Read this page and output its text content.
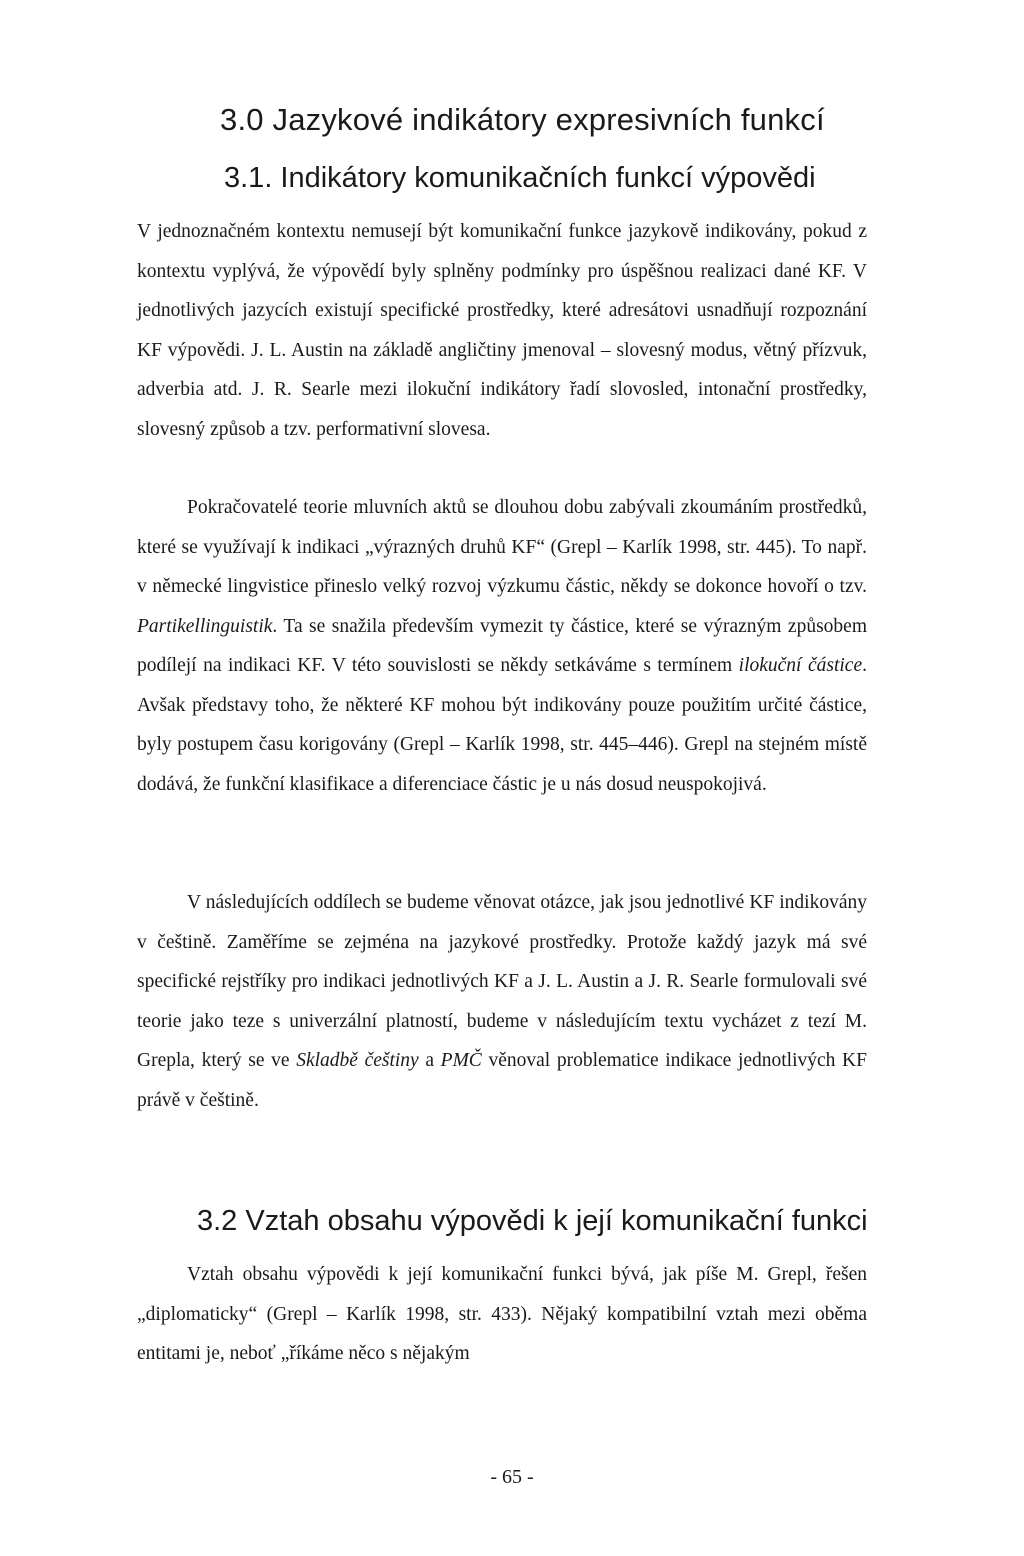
3.0 Jazykové indikátory expresivních funkcí
3.1. Indikátory komunikačních funkcí výpovědi

V jednoznačném kontextu nemusejí být komunikační funkce jazykově indikovány, pokud z kontextu vyplývá, že výpovědí byly splněny podmínky pro úspěšnou realizaci dané KF. V jednotlivých jazycích existují specifické prostředky, které adresátovi usnadňují rozpoznání KF výpovědi. J. L. Austin na základě angličtiny jmenoval – slovesný modus, větný přízvuk, adverbia atd. J. R. Searle mezi ilokuční indikátory řadí slovosled, intonační prostředky, slovesný způsob a tzv. performativní slovesa.

Pokračovatelé teorie mluvních aktů se dlouhou dobu zabývali zkoumáním prostředků, které se využívají k indikaci „výrazných druhů KF“ (Grepl – Karlík 1998, str. 445). To např. v německé lingvistice přineslo velký rozvoj výzkumu částic, někdy se dokonce hovoří o tzv. Partikellinguistik. Ta se snažila především vymezit ty částice, které se výrazným způsobem podílejí na indikaci KF. V této souvislosti se někdy setkáváme s termínem ilokuční částice. Avšak představy toho, že některé KF mohou být indikovány pouze použitím určité částice, byly postupem času korigovány (Grepl – Karlík 1998, str. 445–446). Grepl na stejném místě dodává, že funkční klasifikace a diferenciace částic je u nás dosud neuspokojivá.

V následujících oddílech se budeme věnovat otázce, jak jsou jednotlivé KF indikovány v češtině. Zaměříme se zejména na jazykové prostředky. Protože každý jazyk má své specifické rejstříky pro indikaci jednotlivých KF a J. L. Austin a J. R. Searle formulovali své teorie jako teze s univerzální platností, budeme v následujícím textu vycházet z tezí M. Grepla, který se ve Skladbě češtiny a PMČ věnoval problematice indikace jednotlivých KF právě v češtině.

3.2 Vztah obsahu výpovědi k její komunikační funkci

Vztah obsahu výpovědi k její komunikační funkci bývá, jak píše M. Grepl, řešen „diplomaticky“ (Grepl – Karlík 1998, str. 433). Nějaký kompatibilní vztah mezi oběma entitami je, neboť „říkáme něco s nějakým

- 65 -
